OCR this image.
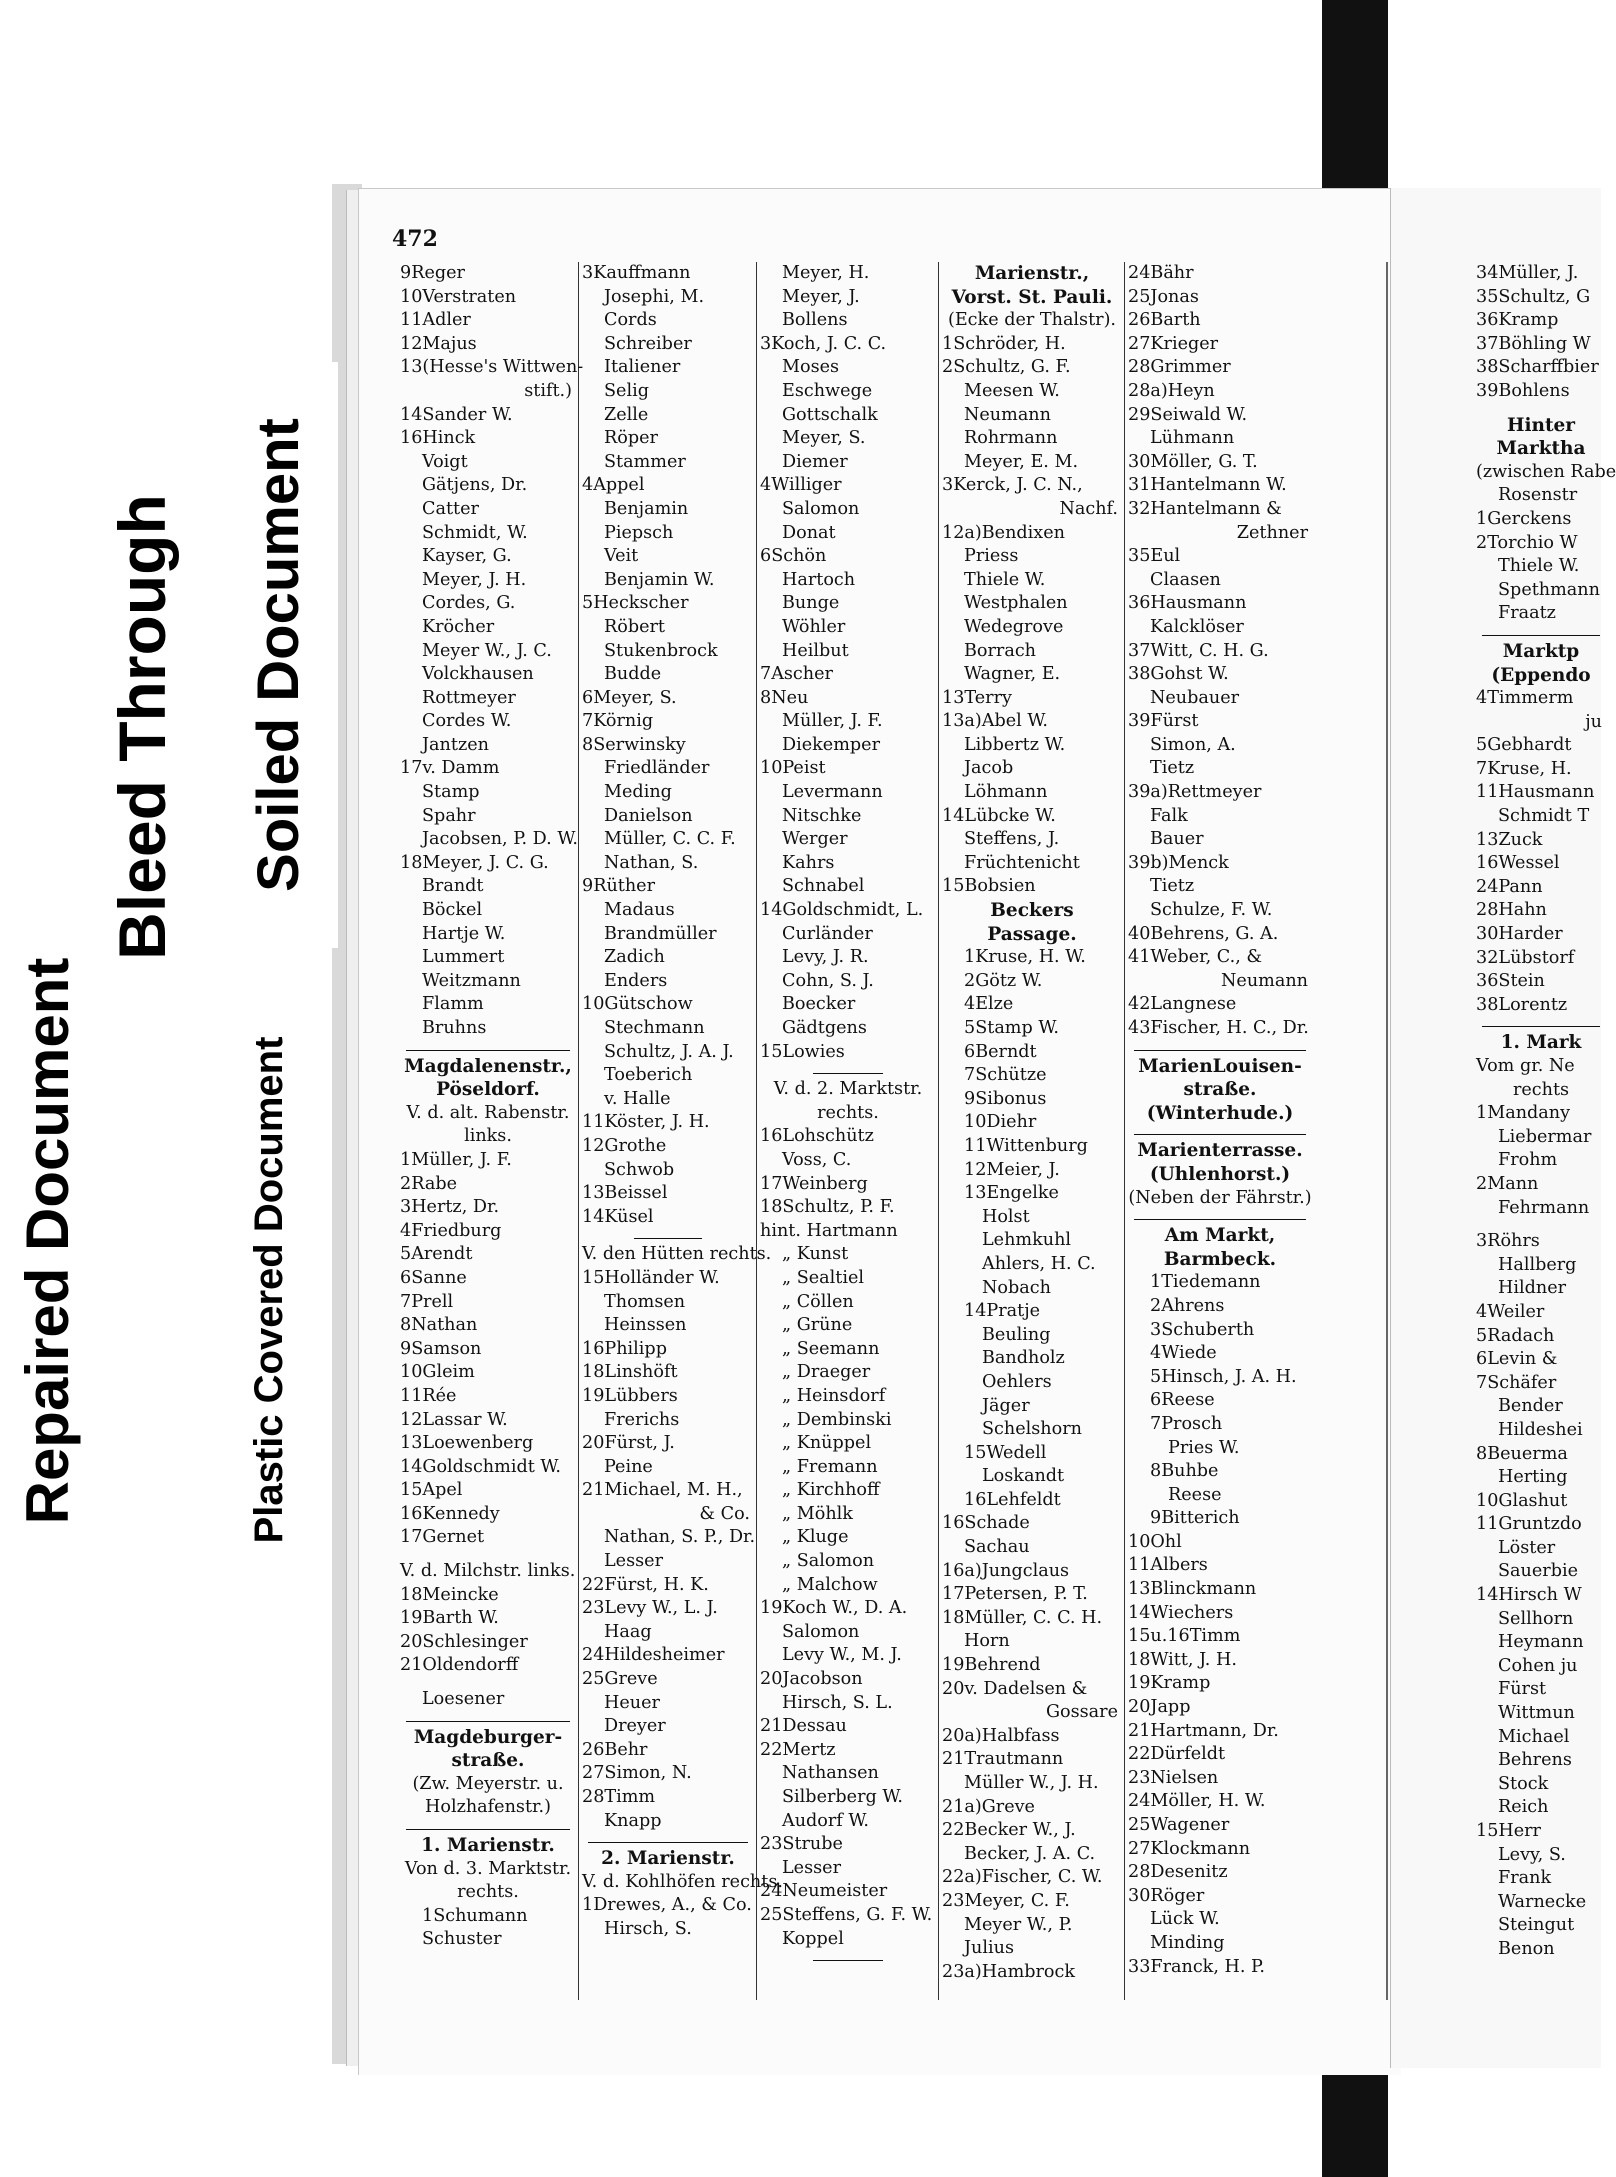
472
9Reger
10Verstraten
11Adler
12Majus
13(Hesse's Wittwen-
stift.)
14Sander W.
16Hinck
Voigt
Gätjens, Dr.
Catter
Schmidt, W.
Kayser, G.
Meyer, J. H.
Cordes, G.
Kröcher
Meyer W., J. C.
Volckhausen
Rottmeyer
Cordes W.
Jantzen
17v. Damm
Stamp
Spahr
Jacobsen, P. D. W.
18Meyer, J. C. G.
Brandt
Böckel
Hartje W.
Lummert
Weitzmann
Flamm
Bruhns
Magdalenenstr.,
Pöseldorf.
V. d. alt. Rabenstr.
links.
1Müller, J. F.
2Rabe
3Hertz, Dr.
4Friedburg
5Arendt
6Sanne
7Prell
8Nathan
9Samson
10Gleim
11Rée
12Lassar W.
13Loewenberg
14Goldschmidt W.
15Apel
16Kennedy
17Gernet
V. d. Milchstr. links.
18Meincke
19Barth W.
20Schlesinger
21Oldendorff
Loesener
Magdeburger-
straße.
(Zw. Meyerstr. u.
Holzhafenstr.)
1. Marienstr.
Von d. 3. Marktstr.
rechts.
1Schumann
Schuster
3Kauffmann
Josephi, M.
Cords
Schreiber
Italiener
Selig
Zelle
Röper
Stammer
4Appel
Benjamin
Piepsch
Veit
Benjamin W.
5Heckscher
Röbert
Stukenbrock
Budde
6Meyer, S.
7Körnig
8Serwinsky
Friedländer
Meding
Danielson
Müller, C. C. F.
Nathan, S.
9Rüther
Madaus
Brandmüller
Zadich
Enders
10Gütschow
Stechmann
Schultz, J. A. J.
Toeberich
v. Halle
11Köster, J. H.
12Grothe
Schwob
13Beissel
14Küsel
V. den Hütten rechts.
15Holländer W.
Thomsen
Heinssen
16Philipp
18Linshöft
19Lübbers
Frerichs
20Fürst, J.
Peine
21Michael, M. H.,
& Co.
Nathan, S. P., Dr.
Lesser
22Fürst, H. K.
23Levy W., L. J.
Haag
24Hildesheimer
25Greve
Heuer
Dreyer
26Behr
27Simon, N.
28Timm
Knapp
2. Marienstr.
V. d. Kohlhöfen rechts.
1Drewes, A., & Co.
Hirsch, S.
Meyer, H.
Meyer, J.
Bollens
3Koch, J. C. C.
Moses
Eschwege
Gottschalk
Meyer, S.
Diemer
4Williger
Salomon
Donat
6Schön
Hartoch
Bunge
Wöhler
Heilbut
7Ascher
8Neu
Müller, J. F.
Diekemper
10Peist
Levermann
Nitschke
Werger
Kahrs
Schnabel
14Goldschmidt, L.
Curländer
Levy, J. R.
Cohn, S. J.
Boecker
Gädtgens
15Lowies
V. d. 2. Marktstr.
rechts.
16Lohschütz
Voss, C.
17Weinberg
18Schultz, P. F.
hint. Hartmann
„ Kunst
„ Sealtiel
„ Cöllen
„ Grüne
„ Seemann
„ Draeger
„ Heinsdorf
„ Dembinski
„ Knüppel
„ Fremann
„ Kirchhoff
„ Möhlk
„ Kluge
„ Salomon
„ Malchow
19Koch W., D. A.
Salomon
Levy W., M. J.
20Jacobson
Hirsch, S. L.
21Dessau
22Mertz
Nathansen
Silberberg W.
Audorf W.
23Strube
Lesser
24Neumeister
25Steffens, G. F. W.
Koppel
Marienstr.,
Vorst. St. Pauli.
(Ecke der Thalstr).
1Schröder, H.
2Schultz, G. F.
Meesen W.
Neumann
Rohrmann
Meyer, E. M.
3Kerck, J. C. N.,
Nachf.
12a)Bendixen
Priess
Thiele W.
Westphalen
Wedegrove
Borrach
Wagner, E.
13Terry
13a)Abel W.
Libbertz W.
Jacob
Löhmann
14Lübcke W.
Steffens, J.
Früchtenicht
15Bobsien
Beckers
Passage.
1Kruse, H. W.
2Götz W.
4Elze
5Stamp W.
6Berndt
7Schütze
9Sibonus
10Diehr
11Wittenburg
12Meier, J.
13Engelke
Holst
Lehmkuhl
Ahlers, H. C.
Nobach
14Pratje
Beuling
Bandholz
Oehlers
Jäger
Schelshorn
15Wedell
Loskandt
16Lehfeldt
16Schade
Sachau
16a)Jungclaus
17Petersen, P. T.
18Müller, C. C. H.
Horn
19Behrend
20v. Dadelsen &
Gossare
20a)Halbfass
21Trautmann
Müller W., J. H.
21a)Greve
22Becker W., J.
Becker, J. A. C.
22a)Fischer, C. W.
23Meyer, C. F.
Meyer W., P.
Julius
23a)Hambrock
24Bähr
25Jonas
26Barth
27Krieger
28Grimmer
28a)Heyn
29Seiwald W.
Lühmann
30Möller, G. T.
31Hantelmann W.
32Hantelmann &
Zethner
35Eul
Claasen
36Hausmann
Kalcklöser
37Witt, C. H. G.
38Gohst W.
Neubauer
39Fürst
Simon, A.
Tietz
39a)Rettmeyer
Falk
Bauer
39b)Menck
Tietz
Schulze, F. W.
40Behrens, G. A.
41Weber, C., &
Neumann
42Langnese
43Fischer, H. C., Dr.
MarienLouisen-
straße.
(Winterhude.)
Marienterrasse.
(Uhlenhorst.)
(Neben der Fährstr.)
Am Markt,
Barmbeck.
1Tiedemann
2Ahrens
3Schuberth
4Wiede
5Hinsch, J. A. H.
6Reese
7Prosch
Pries W.
8Buhbe
Reese
9Bitterich
10Ohl
11Albers
13Blinckmann
14Wiechers
15u.16Timm
18Witt, J. H.
19Kramp
20Japp
21Hartmann, Dr.
22Dürfeldt
23Nielsen
24Möller, H. W.
25Wagener
27Klockmann
28Desenitz
30Röger
Lück W.
Minding
33Franck, H. P.
34Müller, J.
35Schultz, G
36Kramp
37Böhling W
38Scharffbier
39Bohlens
Hinter
Marktha
(zwischen Rabe
Rosenstr
1Gerckens
2Torchio W
Thiele W.
Spethmann
Fraatz
Marktp
(Eppendo
4Timmerm
ju
5Gebhardt
7Kruse, H.
11Hausmann
Schmidt T
13Zuck
16Wessel
24Pann
28Hahn
30Harder
32Lübstorf
36Stein
38Lorentz
1. Mark
Vom gr. Ne
rechts
1Mandany
Liebermar
Frohm
2Mann
Fehrmann
3Röhrs
Hallberg
Hildner
4Weiler
5Radach
6Levin &
7Schäfer
Bender
Hildeshei
8Beuerma
Herting
10Glashut
11Gruntzdo
Löster
Sauerbie
14Hirsch W
Sellhorn
Heymann
Cohen ju
Fürst
Wittmun
Michael
Behrens
Stock
Reich
15Herr
Levy, S.
Frank
Warnecke
Steingut
Benon
Repaired Document
Bleed Through Soiled Document
Plastic Covered Document
